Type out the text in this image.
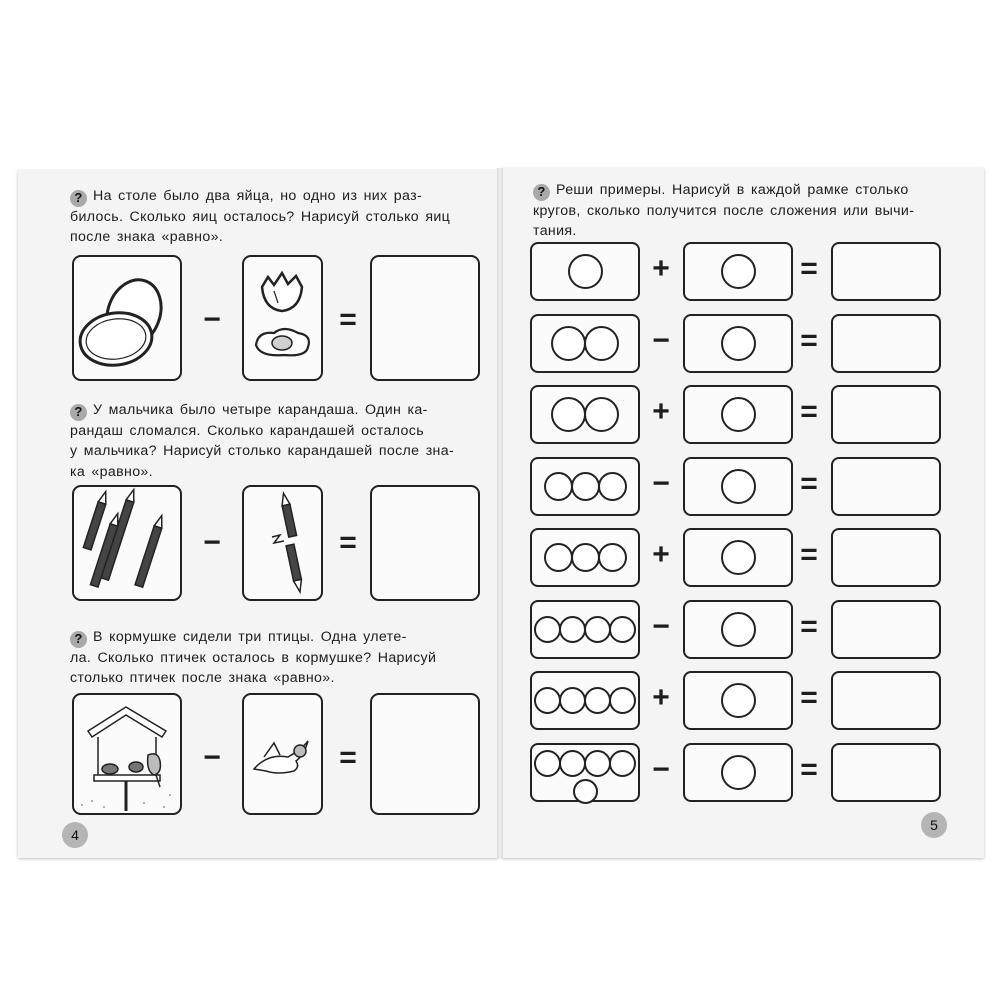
? На столе было два яйца, но одно из них раз-
билось. Сколько яиц осталось? Нарисуй столько яиц
после знака «равно».
−	=
? У мальчика было четыре карандаша. Один ка-
рандаш сломался. Сколько карандашей осталось
у мальчика? Нарисуй столько карандашей после зна-
ка «равно».
−	=
? В кормушке сидели три птицы. Одна улете-
ла. Сколько птичек осталось в кормушке? Нарисуй
столько птичек после знака «равно».
−	=
4
? Реши примеры. Нарисуй в каждой рамке столько
кругов, сколько получится после сложения или вычи-
тания.
+	=
−	=
+	=
−	=
+	=
−	=
+	=
−	=
5
